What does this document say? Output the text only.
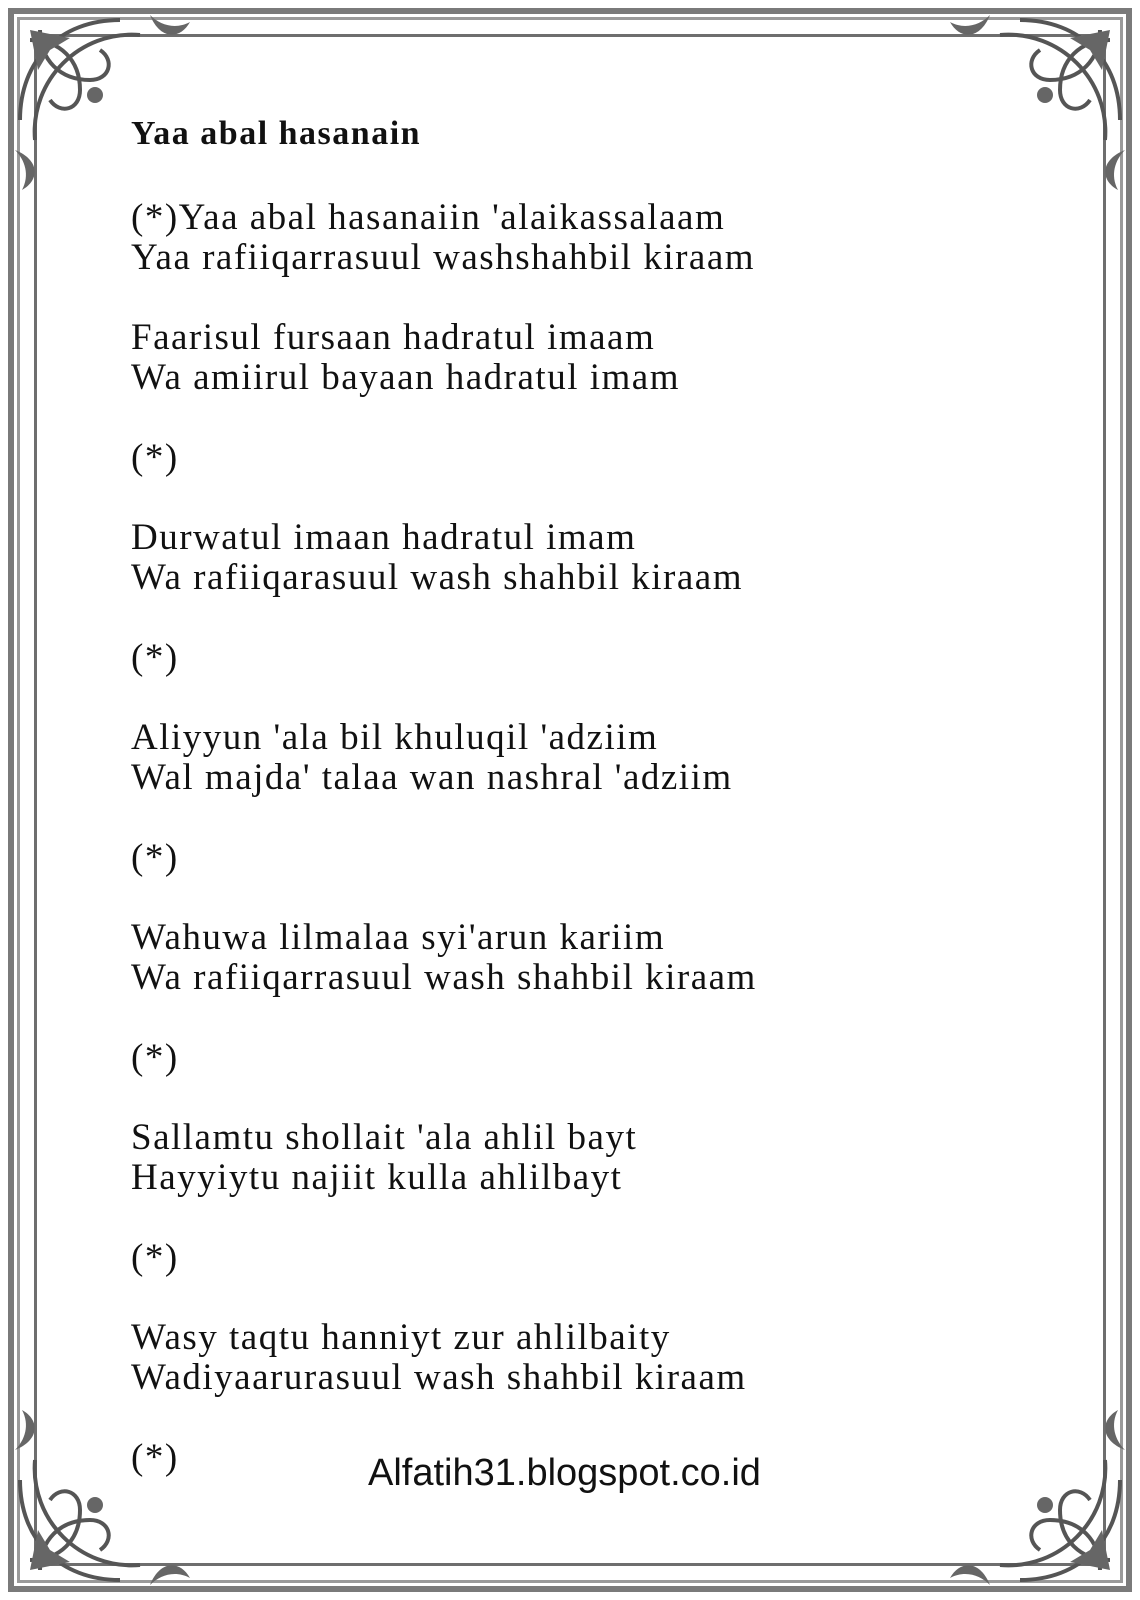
Yaa abal hasanain
(*)Yaa abal hasanaiin 'alaikassalaam
Yaa rafiiqarrasuul washshahbil kiraam
Faarisul fursaan hadratul imaam
Wa amiirul bayaan hadratul imam
(*)
Durwatul imaan hadratul imam
Wa rafiiqarasuul wash shahbil kiraam
(*)
Aliyyun 'ala bil khuluqil 'adziim
Wal majda' talaa wan nashral 'adziim
(*)
Wahuwa lilmalaa syi'arun kariim
Wa rafiiqarrasuul wash shahbil kiraam
(*)
Sallamtu shollait 'ala ahlil bayt
Hayyiytu najiit kulla ahlilbayt
(*)
Wasy taqtu hanniyt zur ahlilbaity
Wadiyaarurasuul wash shahbil kiraam
(*)	Alfatih31.blogspot.co.id
